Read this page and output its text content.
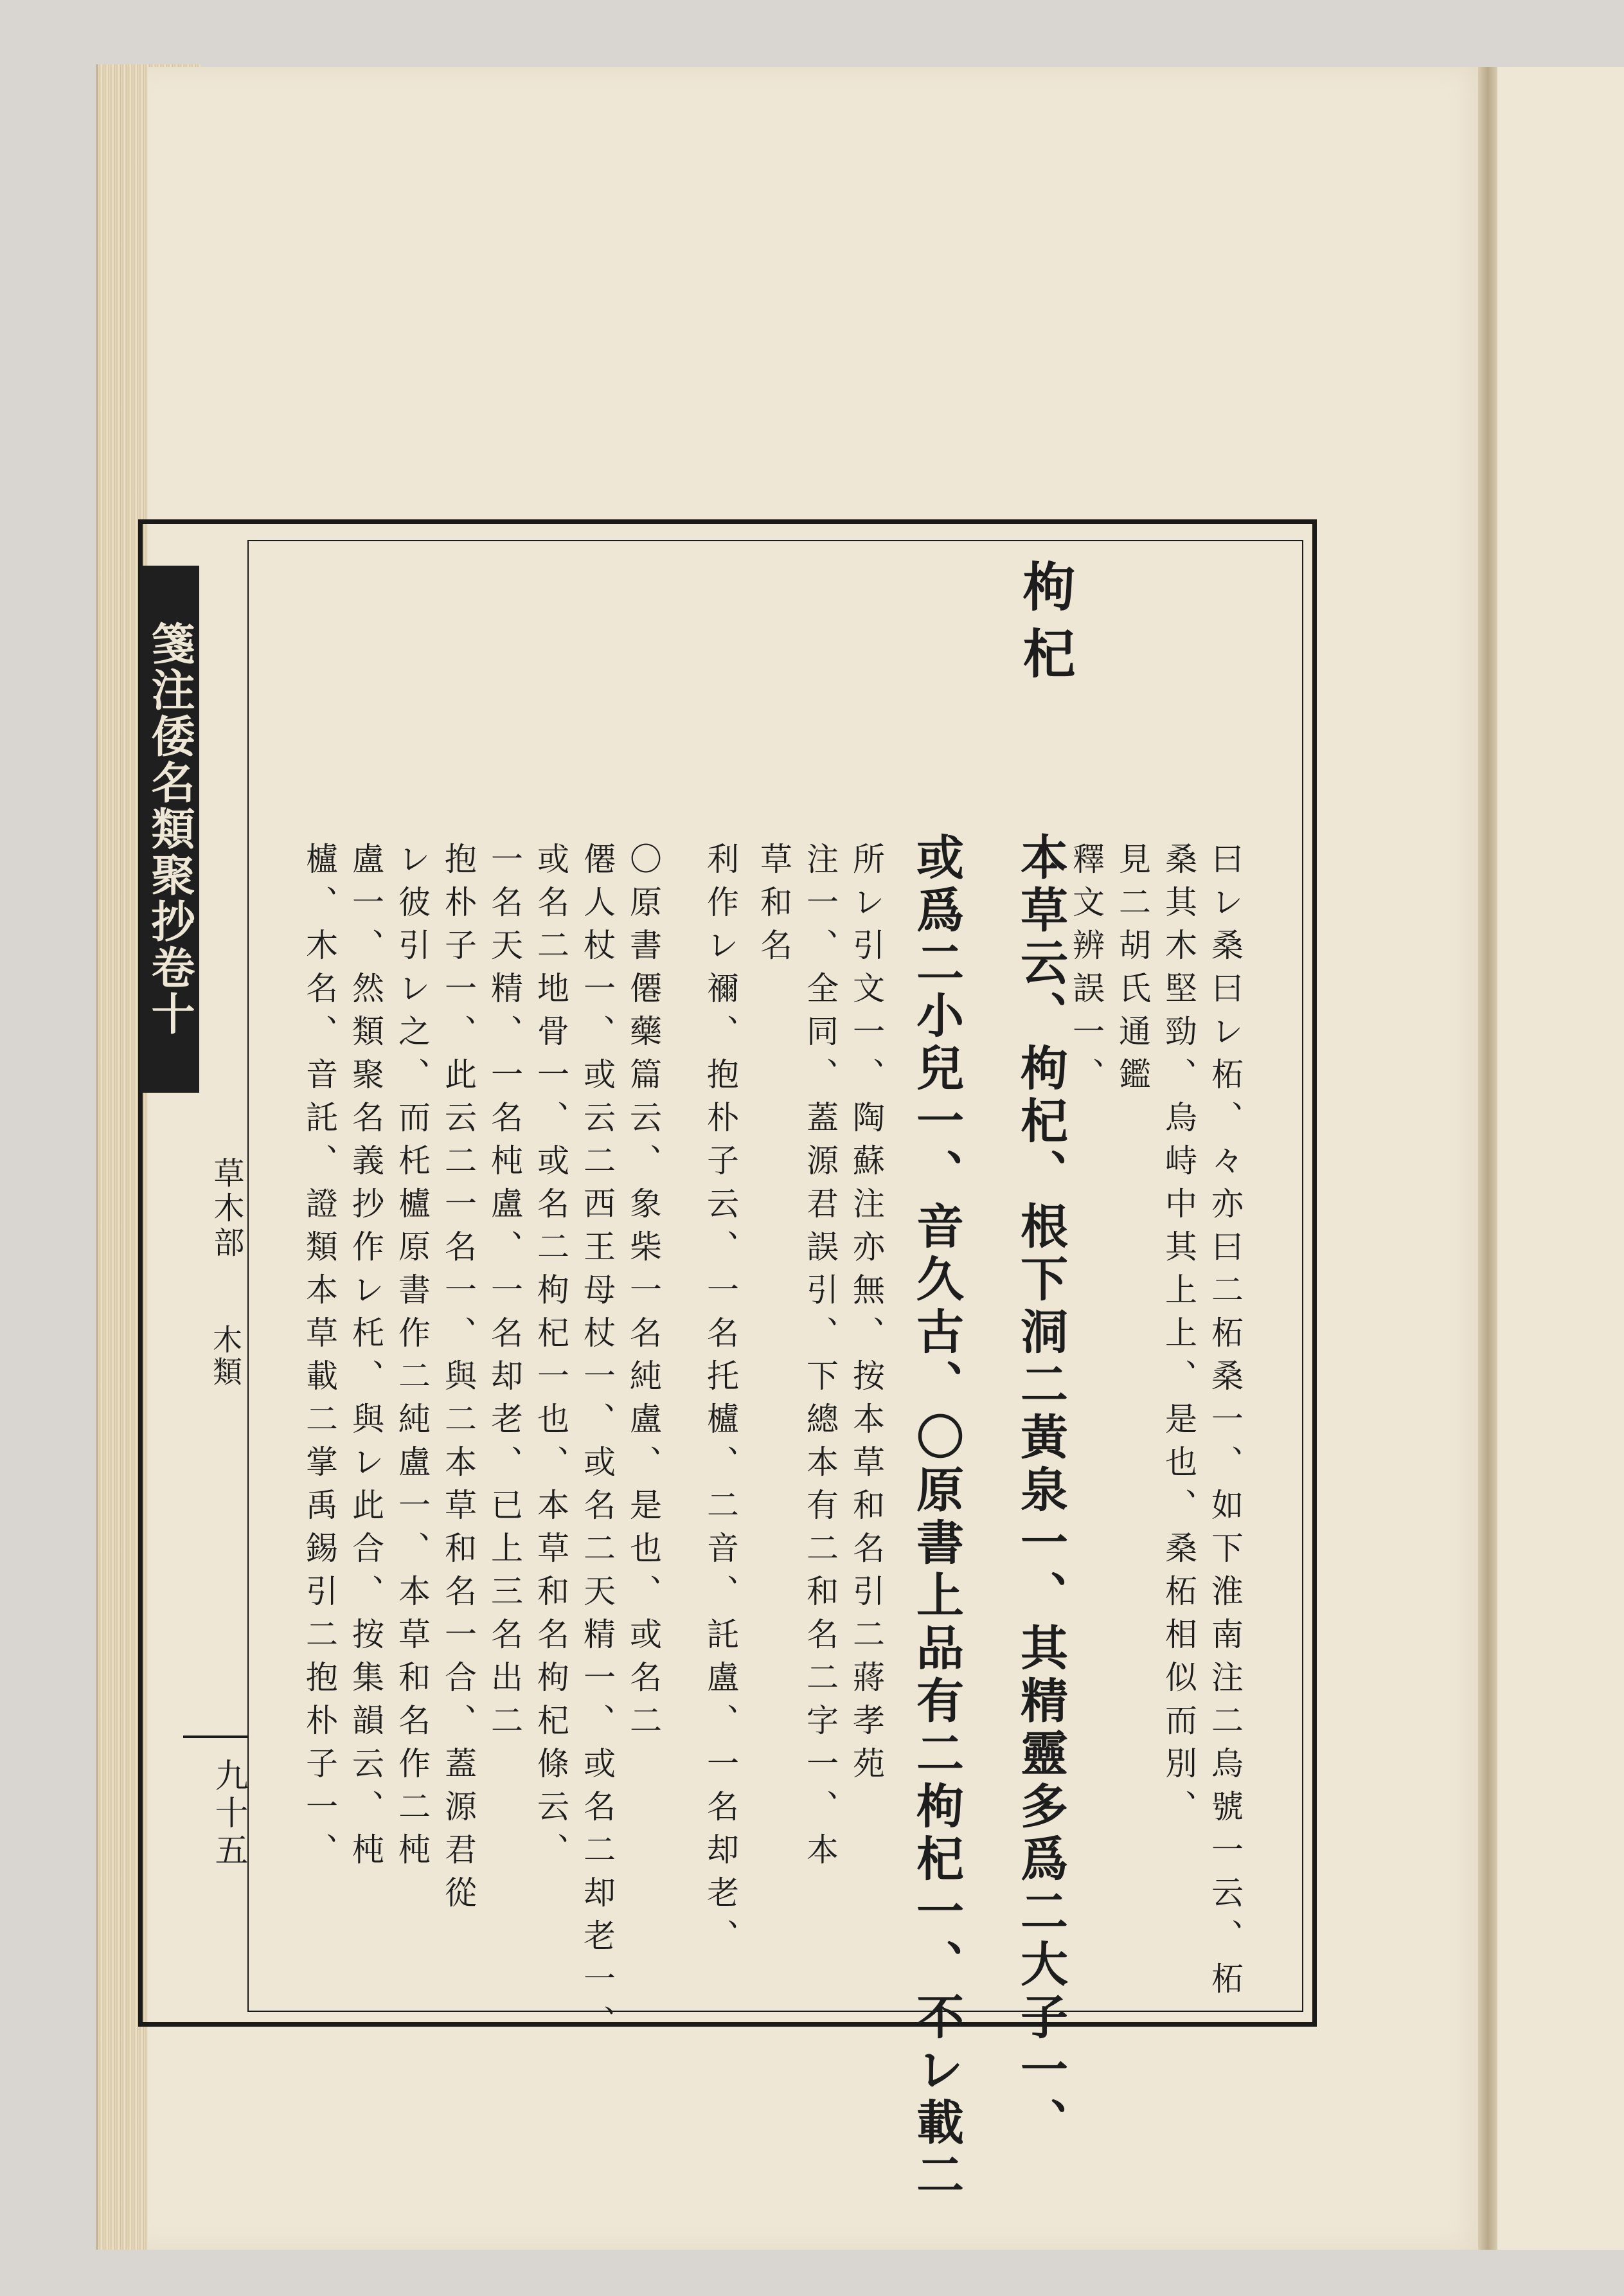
枸杞
曰レ桑曰レ柘、々亦曰二柘桑一、如下淮南注二烏號一云、柘
桑其木堅勁、烏峙中其上上、是也、桑柘相似而別、
見二胡氏通鑑
釋文辨誤一、
本草云、枸杞、根下洞二黃泉一、其精靈多爲二大子一、
或爲二小兒一、音久古、〇原書上品有二枸杞一、不レ載二
所レ引文一、陶蘇注亦無、按本草和名引二蔣孝苑
注一、全同、蓋源君誤引、下總本有二和名二字一、本
草和名
利作レ禰、抱朴子云、一名托櫨、二音、託盧、一名却老、
〇原書僊藥篇云、象柴一名純盧、是也、或名二
僊人杖一、或云二西王母杖一、或名二天精一、或名二却老一、
或名二地骨一、或名二枸杞一也、本草和名枸杞條云、
一名天精、一名杶盧、一名却老、已上三名出二
抱朴子一、此云二一名一、與二本草和名一合、蓋源君從
レ彼引レ之、而杔櫨原書作二純盧一、本草和名作二杶
盧一、然類聚名義抄作レ杔、與レ此合、按集韻云、杶
櫨、木名、音託、證類本草載二掌禹錫引二抱朴子一、
箋注倭名類聚抄卷十
草木部
木類
九十五
